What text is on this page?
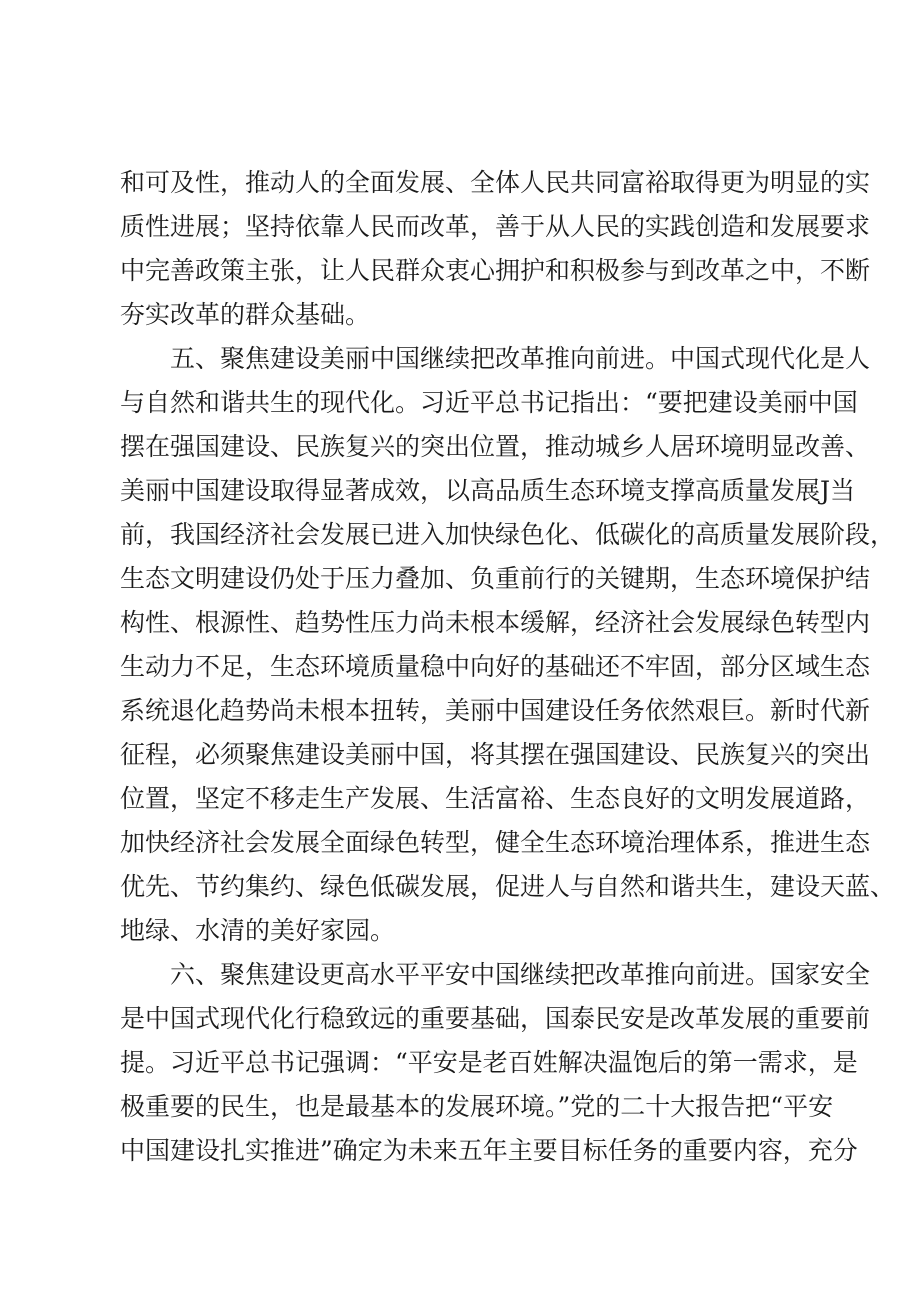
和可及性，推动人的全面发展、全体人民共同富裕取得更为明显的实
质性进展；坚持依靠人民而改革，善于从人民的实践创造和发展要求
中完善政策主张，让人民群众衷心拥护和积极参与到改革之中，不断
夯实改革的群众基础。
五、聚焦建设美丽中国继续把改革推向前进。中国式现代化是人
与自然和谐共生的现代化。习近平总书记指出：“要把建设美丽中国
摆在强国建设、民族复兴的突出位置，推动城乡人居环境明显改善、
美丽中国建设取得显著成效，以高品质生态环境支撑高质量发展J当
前，我国经济社会发展已进入加快绿色化、低碳化的高质量发展阶段，
生态文明建设仍处于压力叠加、负重前行的关键期，生态环境保护结
构性、根源性、趋势性压力尚未根本缓解，经济社会发展绿色转型内
生动力不足，生态环境质量稳中向好的基础还不牢固，部分区域生态
系统退化趋势尚未根本扭转，美丽中国建设任务依然艰巨。新时代新
征程，必须聚焦建设美丽中国，将其摆在强国建设、民族复兴的突出
位置，坚定不移走生产发展、生活富裕、生态良好的文明发展道路，
加快经济社会发展全面绿色转型，健全生态环境治理体系，推进生态
优先、节约集约、绿色低碳发展，促进人与自然和谐共生，建设天蓝、
地绿、水清的美好家园。
六、聚焦建设更高水平平安中国继续把改革推向前进。国家安全
是中国式现代化行稳致远的重要基础，国泰民安是改革发展的重要前
提。习近平总书记强调：“平安是老百姓解决温饱后的第一需求，是
极重要的民生，也是最基本的发展环境。”党的二十大报告把“平安
中国建设扎实推进”确定为未来五年主要目标任务的重要内容，充分
